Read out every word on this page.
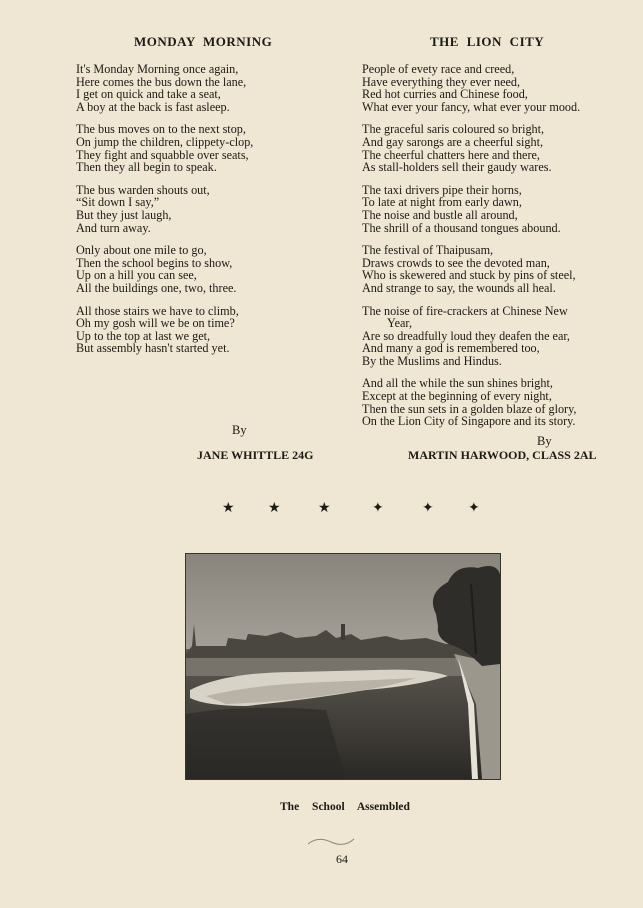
MONDAY MORNING
It's Monday Morning once again,
Here comes the bus down the lane,
I get on quick and take a seat,
A boy at the back is fast asleep.
The bus moves on to the next stop,
On jump the children, clippety-clop,
They fight and squabble over seats,
Then they all begin to speak.
The bus warden shouts out,
“Sit down I say,”
But they just laugh,
And turn away.
Only about one mile to go,
Then the school begins to show,
Up on a hill you can see,
All the buildings one, two, three.
All those stairs we have to climb,
Oh my gosh will we be on time?
Up to the top at last we get,
But assembly hasn't started yet.
THE LION CITY
People of evety race and creed,
Have everything they ever need,
Red hot curries and Chinese food,
What ever your fancy, what ever your mood.
The graceful saris coloured so bright,
And gay sarongs are a cheerful sight,
The cheerful chatters here and there,
As stall-holders sell their gaudy wares.
The taxi drivers pipe their horns,
To late at night from early dawn,
The noise and bustle all around,
The shrill of a thousand tongues abound.
The festival of Thaipusam,
Draws crowds to see the devoted man,
Who is skewered and stuck by pins of steel,
And strange to say, the wounds all heal.
The noise of fire-crackers at Chinese New
Year,
Are so dreadfully loud they deafen the ear,
And many a god is remembered too,
By the Muslims and Hindus.
And all the while the sun shines bright,
Except at the beginning of every night,
Then the sun sets in a golden blaze of glory,
On the Lion City of Singapore and its story.
By
JANE WHITTLE 24G
By
MARTIN HARWOOD, CLASS 2AL
★ ★	★	✦	✦ ✦
The School Assembled
64
